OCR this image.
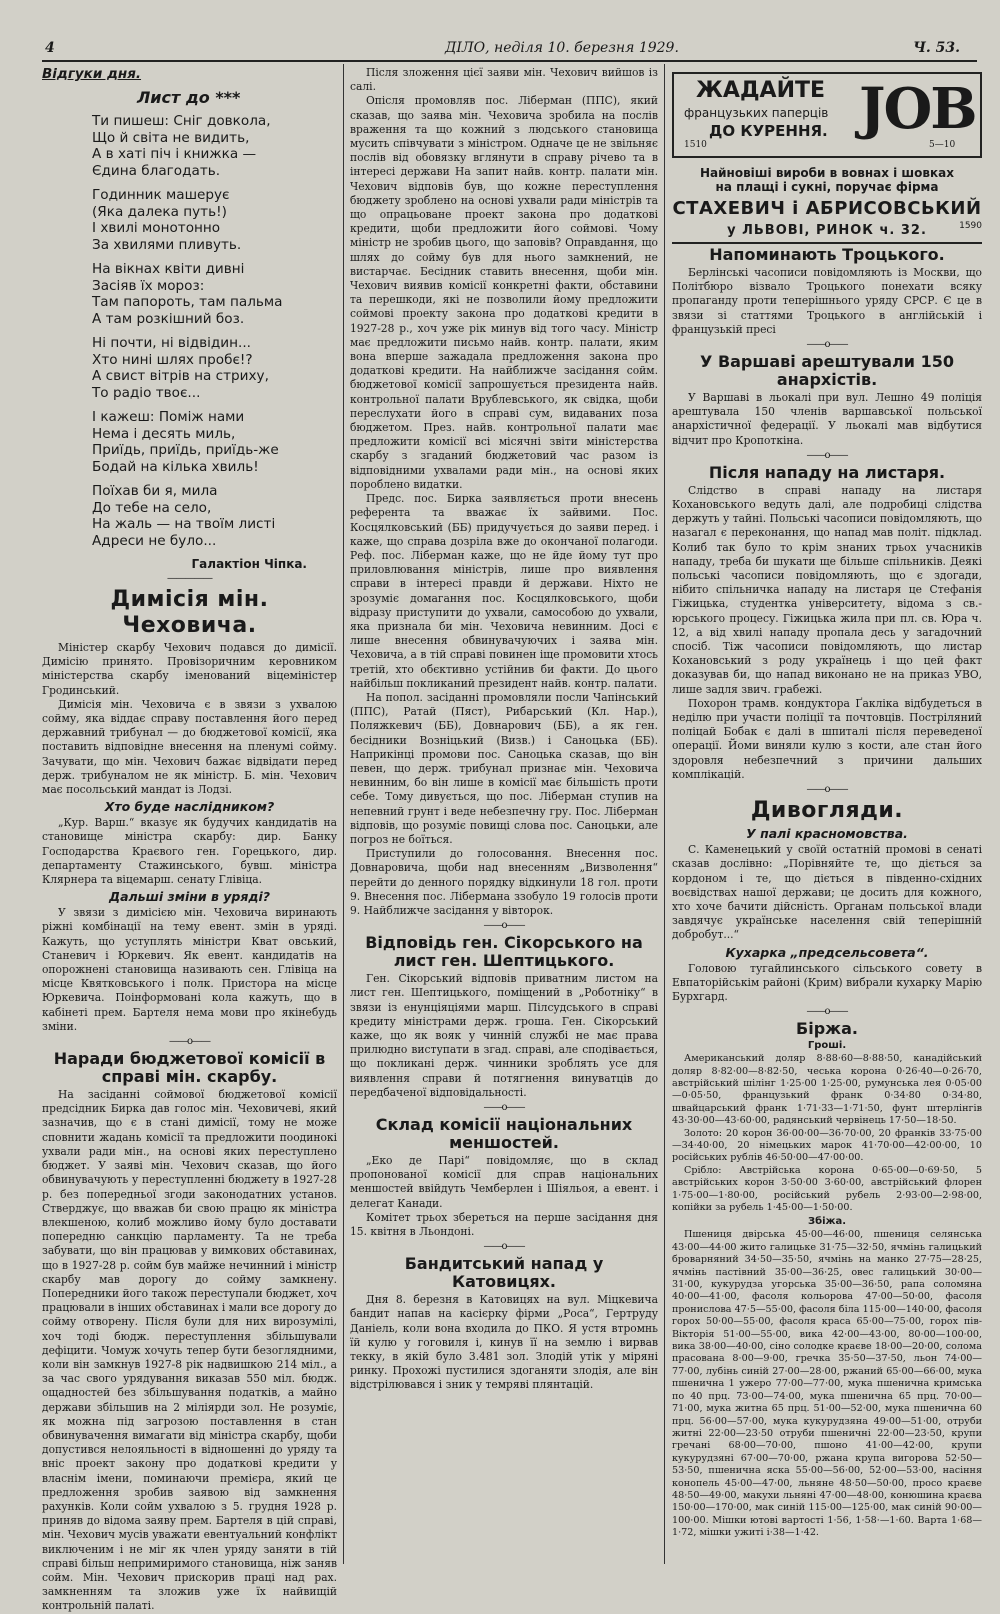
4	ДІЛО, неділя 10. березня 1929.	Ч. 53.
Відгуки дня.
Лист до ***
Ти пишеш: Сніг довкола,
Що й світа не видить,
А в хаті піч і книжка —
Єдина благодать.
Годинник машерує
(Яка далека путь!)
І хвилі монотонно
За хвилями пливуть.
На вікнах квіти дивні
Засіяв їх мороз:
Там папороть, там пальма
А там розкішний боз.
Ні почти, ні відвідин...
Хто нині шлях пробє!?
А свист вітрів на стриху,
То радіо твоє...
І кажеш: Поміж нами
Нема і десять миль,
Приїдь, приїдь, приїдь-же
Бодай на кілька хвиль!
Поїхав би я, мила
До тебе на село,
На жаль — на твоїм листі
Адреси не було...
Галактіон Чіпка.
—————
Димісія мін. Чеховича.

Міністер скарбу Чехович подався до димісії. Димісію принято. Провізоричним керовником міністерства скарбу іменований віцеміністер Гродинський.

Димісія мін. Чеховича є в звязи з ухвалою сойму, яка віддає справу поставлення його перед державний трибунал — до бюджетової комісії, яка поставить відповідне внесення на пленумі сойму. Зачувати, що мін. Чехович бажає відвідати перед держ. трибуналом не як міністр. Б. мін. Чехович має посольський мандат із Лодзі.

Хто буде наслідником?

„Кур. Варш.“ вказує як будучих кандидатів на становище міністра скарбу: дир. Банку Господарства Краєвого ген. Горецького, дир. департаменту Стажинського, бувш. міністра Клярнера та віцемарш. сенату Глівіца.

Дальші зміни в уряді?

У звязи з димісією мін. Чеховича виринають ріжні комбінації на тему евент. змін в уряді. Кажуть, що уступлять міністри Кват овський, Станевич і Юркевич. Як евент. кандидатів на опорожнені становища називають сен. Глівіца на місце Квятковського і полк. Пристора на місце Юркевича. Поінформовані кола кажуть, що в кабінеті прем. Бартеля нема мови про якінебудь зміни.

——o——
Наради бюджетової комісії в справі мін. скарбу.

На засіданні соймової бюджетової комісії предсідник Бирка дав голос мін. Чеховичеві, який зазначив, що є в стані димісії, тому не може сповнити жадань комісії та предложити поодинокі ухвали ради мін., на основі яких переступлено бюджет. У заяві мін. Чехович сказав, що його обвинувачують у переступленні бюджету в 1927-28 р. без попередньої згоди законодатних установ. Стверджує, що вважав би свою працю як міністра влекшеною, колиб можливо йому було доставати попередню санкцію парламенту. Та не треба забувати, що він працював у вимкових обставинах, що в 1927-28 р. сойм був майже нечинний і міністр скарбу мав дорогу до сойму замкнену. Попередники його також переступали бюджет, хоч працювали в інших обставинах і мали все дорогу до сойму отворену. Після були для них вирозумілі, хоч тоді бюдж. переступлення збільшували дефіцити. Чомуж хочуть тепер бути безоглядними, коли він замкнув 1927-8 рік надвишкою 214 міл., а за час свого урядування виказав 550 міл. бюдж. ощадностей без збільшування податків, а майно держави збільшив на 2 міліярди зол. Не розуміє, як можна під загрозою поставлення в стан обвинувачення вимагати від міністра скарбу, щоби допустився нелояльності в відношенні до уряду та вніс проект закону про додаткові кредити у власнім імени, поминаючи премієра, який це предложення зробив заявою від замкнення рахунків. Коли сойм ухвалою з 5. грудня 1928 р. приняв до відома заяву прем. Бартеля в цій справі, мін. Чехович мусів уважати евентуальний конфлікт виключеним і не міг як член уряду заняти в тій справі більш непримиримого становища, ніж заняв сойм. Мін. Чехович прискорив праці над рах. замкненням та зложив уже їх найвищій контрольній палаті.

Після зложення цієї заяви мін. Чехович вийшов із салі.

Опісля промовляв пос. Ліберман (ППС), який сказав, що заява мін. Чеховича зробила на послів враження та що кожний з людського становища мусить співчувати з міністром. Одначе це не звільняє послів від обовязку вглянути в справу річево та в інтересі держави На запит найв. контр. палати мін. Чехович відповів був, що кожне переступлення бюджету зроблено на основі ухвали ради міністрів та що опрацьоване проект закона про додаткові кредити, щоби предложити його соймові. Чому міністр не зробив цього, що заповів? Оправдання, що шлях до сойму був для нього замкнений, не вистарчає. Бесідник ставить внесення, щоби мін. Чехович виявив комісії конкретні факти, обставини та перешкоди, які не позволили йому предложити соймові проекту закона про додаткові кредити в 1927-28 р., хоч уже рік минув від того часу. Міністр має предложити письмо найв. контр. палати, яким вона вперше зажадала предложення закона про додаткові кредити. На найближче засідання сойм. бюджетової комісії запрошується президента найв. контрольної палати Врублевського, як свідка, щоби переслухати його в справі сум, видаваних поза бюджетом. През. найв. контрольної палати має предложити комісії всі місячні звіти міністерства скарбу з згаданий бюджетовий час разом із відповідними ухвалами ради мін., на основі яких пороблено видатки.

Предс. пос. Бирка заявляється проти внесень референта та вважає їх зайвими. Пос. Косцялковський (ББ) придучується до заяви перед. і каже, що справа дозріла вже до окончаної полагоди. Реф. пос. Ліберман каже, що не йде йому тут про приловлювання міністрів, лише про виявлення справи в інтересі правди й держави. Ніхто не зрозуміє домагання пос. Косцялковського, щоби відразу приступити до ухвали, самособою до ухвали, яка признала би мін. Чеховича невинним. Досі є лише внесення обвинувачуючих і заява мін. Чеховича, а в тій справі повинен іще промовити хтось третій, хто обєктивно устійнив би факти. До цього найбільш покликаний президент найв. контр. палати.

На попол. засіданні промовляли посли Чапінський (ППС), Ратай (Пяст), Рибарський (Кл. Нар.), Поляжкевич (ББ), Довнарович (ББ), а як ген. бесідники Возніцький (Визв.) і Саноцька (ББ). Наприкінці промови пос. Саноцька сказав, що він певен, що держ. трибунал признає мін. Чеховича невинним, бо він лише в комісії має більшість проти себе. Тому дивується, що пос. Ліберман ступив на непевний грунт і веде небезпечну гру. Пос. Ліберман відповів, що розуміє повищі слова пос. Саноцьки, але погроз не боїться.

Приступили до голосовання. Внесення пос. Довнаровича, щоби над внесенням „Визволення“ перейти до денного порядку відкинули 18 гол. проти 9. Внесення пос. Лібермана ззобуло 19 голосів проти 9. Найближче засідання у вівторок.

——o——
Відповідь ген. Сікорського на лист ген. Шептицького.

Ген. Сікорський відповів приватним листом на лист ген. Шептицького, поміщений в „Роботніку“ в звязи із енунціяціями марш. Пілсудського в справі кредиту міністрами держ. гроша. Ген. Сікорський каже, що як вояк у чинній службі не має права прилюдно виступати в згад. справі, але сподівається, що покликані держ. чинники зроблять усе для виявлення справи й потягнення винуватців до передбаченої відповідальності.

——o——
Склад комісії національних меншостей.

„Еко де Парі“ повідомляє, що в склад пропонованої комісії для справ національних меншостей ввійдуть Чемберлен і Шіяльоя, а евент. і делегат Канади.

Комітет трьох збереться на перше засідання дня 15. квітня в Льондоні.

——o——
Бандитський напад у Катовицях.

Дня 8. березня в Катовицях на вул. Міцкевича бандит напав на касієрку фірми „Роса“, Гертруду Даніель, коли вона входила до ПКО. Я устя втромнь їй кулю у гоговиля і, кинув її на землю і вирвав текку, в якій було 3.481 зол. Злодій утік у міряні ринку. Прохожі пустилися здоганяти злодія, але він відстрілювався і зник у темряві плянтацій.

ЖАДАЙТЕ
французьких паперців
ДО КУРЕННЯ. JOB
1510	5—10
Найновіші вироби в вовнах і шовках
на плащі і сукні, поручає фірма
СТАХЕВИЧ і АБРИСОВСЬКИЙ
у ЛЬВОВІ, РИНОК ч. 32.	1590
Напоминають Троцького.

Берлінські часописи повідомляють із Москви, що Політбюро візвало Троцького понехати всяку пропаганду проти теперішнього уряду СРСР. Є це в звязи зі статтями Троцького в англійській і французькій пресі

——o——
У Варшаві арештували 150 анархістів.

У Варшаві в льокалі при вул. Лешно 49 поліція арештувала 150 членів варшавської польської анархістичної федерації. У льокалі мав відбутися відчит про Кропоткіна.

——o——
Після нападу на листаря.

Слідство в справі нападу на листаря Кохановського ведуть далі, але подробиці слідства держуть у тайні. Польські часописи повідомляють, що назагал є переконання, що напад мав політ. підклад. Колиб так було то крім знаних трьох учасників нападу, треба би шукати ще більше спільників. Деякі польські часописи повідомляють, що є здогади, нібито спільничка нападу на листаря це Стефанія Гіжицька, студентка університету, відома з св.-юрського процесу. Гіжицька жила при пл. св. Юра ч. 12, а від хвилі нападу пропала десь у загадочний спосіб. Тіж часописи повідомляють, що листар Кохановський з роду українець і що цей факт доказував би, що напад виконано не на приказ УВО, лише задля звич. грабежі.

Похорон трамв. кондуктора Ґакліка відбудеться в неділю при участи поліції та почтовців. Постріляний поліцай Бобак є далі в шпиталі після переведеної операції. Йоми виняли кулю з кости, але стан його здоровля небезпечний з причини дальших комплікацій.

——o——
Дивогляди.
У палі красномовства.

С. Каменецький у своїй остатній промові в сенаті сказав дослівно: „Порівняйте те, що діється за кордоном і те, що діється в південно-східних воєвідствах нашої держави; це досить для кожного, хто хоче бачити дійсність. Органам польської влади завдячує українське населення свій теперішній добробут...“

Кухарка „предсельсовета“.

Головою тугайлинського сільського совету в Евпаторійськім районі (Крим) вибрали кухарку Марію Бурхгард.

——o——
Біржа.
Гроші.

Американський доляр 8·88·60—8·88·50, канадійський доляр 8·82·00—8·82·50, чеська корона 0·26·40—0·26·70, австрійський шілінг 1·25·00 1·25·00, румунська лея 0·05·00—0·05·50, французький франк 0·34·80 0·34·80, швайцарський франк 1·71·33—1·71·50, фунт штерлінгів 43·30·00—43·60·00, радянський червінець 17·50—18·50.

Золото: 20 корон 36·00·00—36·70·00, 20 франків 33·75·00—34·40·00, 20 німецьких марок 41·70·00—42·00·00, 10 російських рублів 46·50·00—47·00·00.

Срібло: Австрійська корона 0·65·00—0·69·50, 5 австрійських корон 3·50·00 3·60·00, австрійський флорен 1·75·00—1·80·00, російський рубель 2·93·00—2·98·00, копійки за рубель 1·45·00—1·50·00.

Збіжа.

Пшениця двірська 45·00—46·00, пшениця селянська 43·00—44·00 жито галицьке 31·75—32·50, ячмінь галицький броварняний 34·50—35·50, ячмінь на манко 27·75—28·25, ячмінь пастівний 35·00—36·25, овес галицький 30·00—31·00, кукурудза угорська 35·00—36·50, рапа соломяна 40·00—41·00, фасоля кольорова 47·00—50·00, фасоля пронислова 47·5—55·00, фасоля біла 115·00—140·00, фасоля горох 50·00—55·00, фасоля краса 65·00—75·00, горох пів-Вікторія 51·00—55·00, вика 42·00—43·00, 80·00—100·00, вика 38·00—40·00, сіно солодке краєве 18·00—20·00, солома прасована 8·00—9·00, гречка 35·50—37·50, льон 74·00—77·00, лубінь синій 27·00—28·00, ржаний 65·00—66·00, мука пшенична 1 ужеро 77·00—77·00, мука пшенична кримська по 40 прц. 73·00—74·00, мука пшенична 65 прц. 70·00—71·00, мука житна 65 прц. 51·00—52·00, мука пшенична 60 прц. 56·00—57·00, мука кукурудзяна 49·00—51·00, отруби житні 22·00—23·50 отруби пшеничні 22·00—23·50, крупи гречані 68·00—70·00, пшоно 41·00—42·00, крупи кукурудзяні 67·00—70·00, ржана крупа вигорова 52·50—53·50, пшенична яска 55·00—56·00, 52·00—53·00, насіння конопель 45·00—47·00, льняне 48·50—50·00, просо краєве 48·50—49·00, макухи льняні 47·00—48·00, конюшина краєва 150·00—170·00, мак синій 115·00—125·00, мак синій 90·00—100·00. Мішки ютові вартості 1·56, 1·58·—1·60. Варта 1·68—1·72, мішки ужиті і·38—1·42.
